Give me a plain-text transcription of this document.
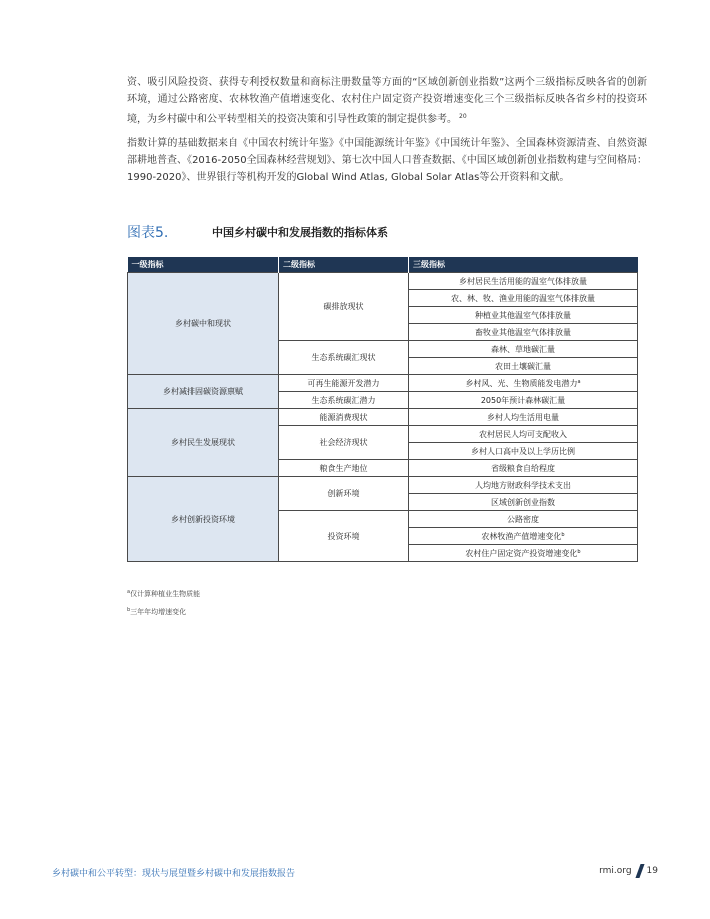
资、吸引风险投资、获得专利授权数量和商标注册数量等方面的“区域创新创业指数”这两个三级指标反映各省的创新环境，通过公路密度、农林牧渔产值增速变化、农村住户固定资产投资增速变化三个三级指标反映各省乡村的投资环境，为乡村碳中和公平转型相关的投资决策和引导性政策的制定提供参考。 $^{20}$

指数计算的基础数据来自《中国农村统计年鉴》《中国能源统计年鉴》《中国统计年鉴》、全国森林资源清查、自然资源部耕地普查、《2016-2050全国森林经营规划》、第七次中国人口普查数据、《中国区域创新创业指数构建与空间格局：1990-2020》、世界银行等机构开发的Global Wind Atlas, Global Solar Atlas等公开资料和文献。

图表5.	中国乡村碳中和发展指数的指标体系
一级指标	二级指标	三级指标
乡村碳中和现状	碳排放现状	乡村居民生活用能的温室气体排放量
		农、林、牧、渔业用能的温室气体排放量
		种植业其他温室气体排放量
		畜牧业其他温室气体排放量
	生态系统碳汇现状	森林、草地碳汇量
		农田土壤碳汇量
乡村减排固碳资源禀赋	可再生能源开发潜力	乡村风、光、生物质能发电潜力$^a$
	生态系统碳汇潜力	2050年预计森林碳汇量
乡村民生发展现状	能源消费现状	乡村人均生活用电量
	社会经济现状	农村居民人均可支配收入
		乡村人口高中及以上学历比例
	粮食生产地位	省级粮食自给程度
乡村创新投资环境	创新环境	人均地方财政科学技术支出
		区域创新创业指数
	投资环境	公路密度
		农林牧渔产值增速变化$^b$
		农村住户固定资产投资增速变化$^b$
$^a$仅计算种植业生物质能
$^b$三年年均增速变化
乡村碳中和公平转型：现状与展望暨乡村碳中和发展指数报告	rmi.org 19
